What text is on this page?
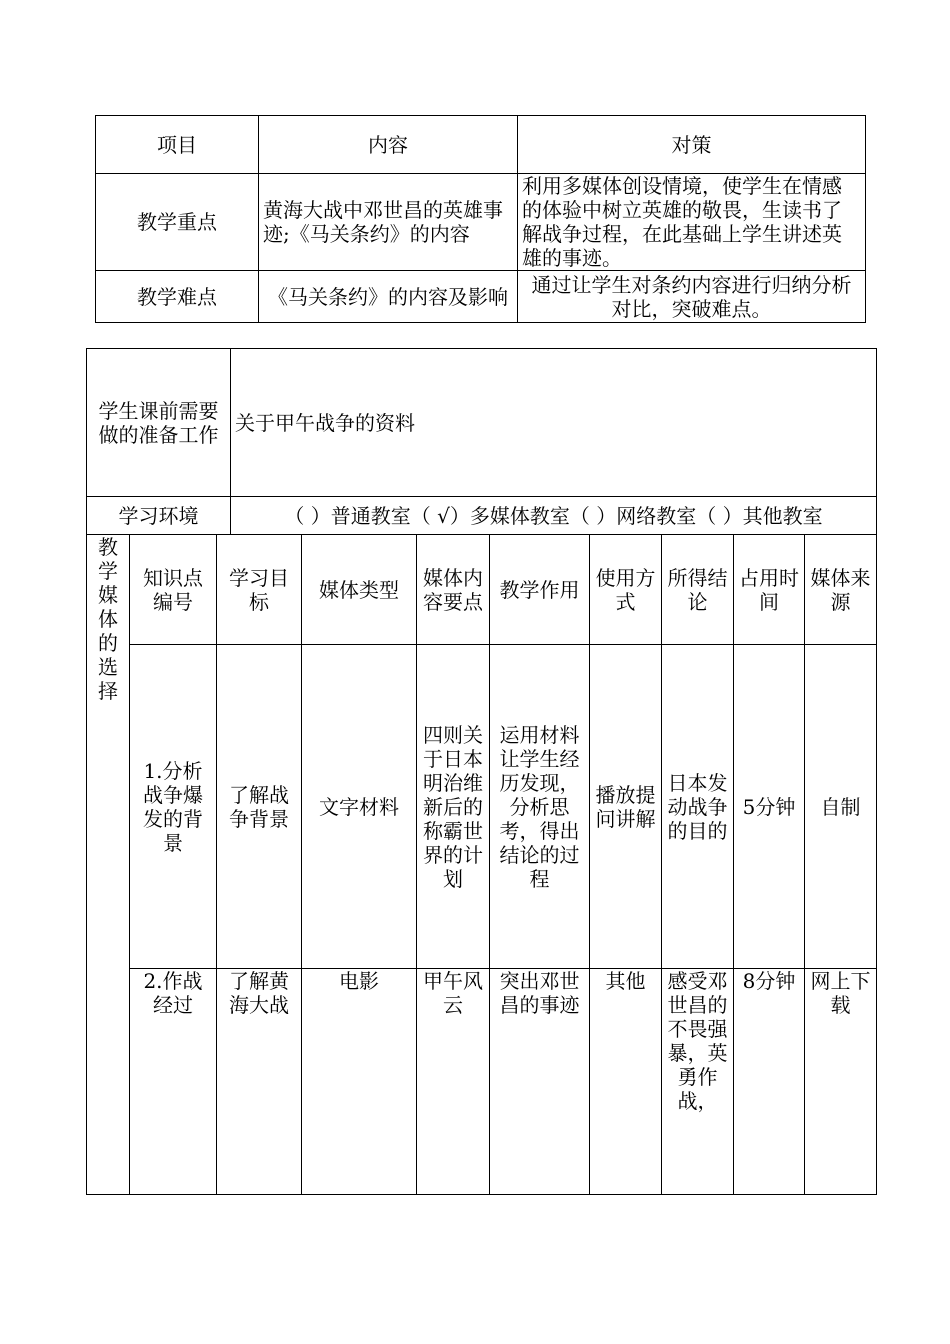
项目	内容	对策
教学重点	黄海大战中邓世昌的英雄事迹;《马关条约》的内容	利用多媒体创设情境，使学生在情感的体验中树立英雄的敬畏，生读书了解战争过程，在此基础上学生讲述英雄的事迹。
教学难点	《马关条约》的内容及影响	通过让学生对条约内容进行归纳分析对比，突破难点。
学生课前需要做的准备工作			关于甲午战争的资料							
学习环境			（ ）普通教室（ √）多媒体教室（ ）网络教室（ ）其他教室							

教学媒体的选择	知识点编号	学习目标		媒体类型	媒体内容要点	教学作用	使用方式	所得结论	占用时间	媒体来源
	1.分析战争爆发的背景	了解战争背景		文字材料	四则关于日本明治维新后的称霸世界的计划	运用材料让学生经历发现，分析思考，得出结论的过程	播放提问讲解	日本发动战争的目的	5分钟	自制
	2.作战经过	了解黄海大战		电影	甲午风云	突出邓世昌的事迹	其他	感受邓世昌的不畏强暴，英勇作战，	8分钟	网上下载
